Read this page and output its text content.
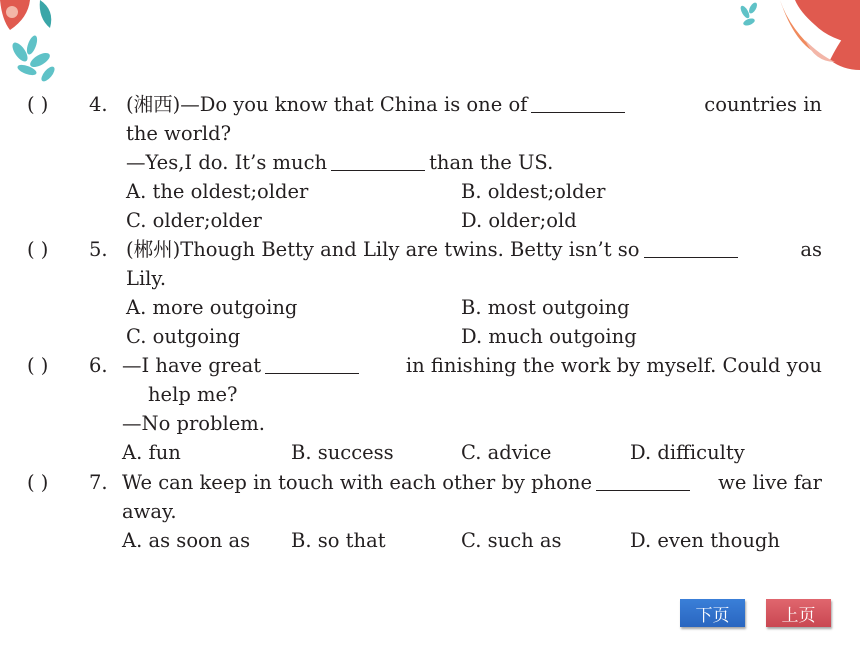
( ) 4. (湘西)—Do you know that China is one of	countries in
the world?
—Yes,I do. It’s much	than the US.
A. the oldest;older	B. oldest;older
C. older;older	D. older;old
( ) 5. (郴州)Though Betty and Lily are twins. Betty isn’t so	as
Lily.
A. more outgoing	B. most outgoing
C. outgoing	D. much outgoing
( ) 6. —I have great	in finishing the work by myself. Could you
help me?
—No problem.
A. fun	B. success	C. advice	D. difficulty
( ) 7. We can keep in touch with each other by phone	we live far
away.
A. as soon as B. so that	C. such as	D. even though
下页	上页
